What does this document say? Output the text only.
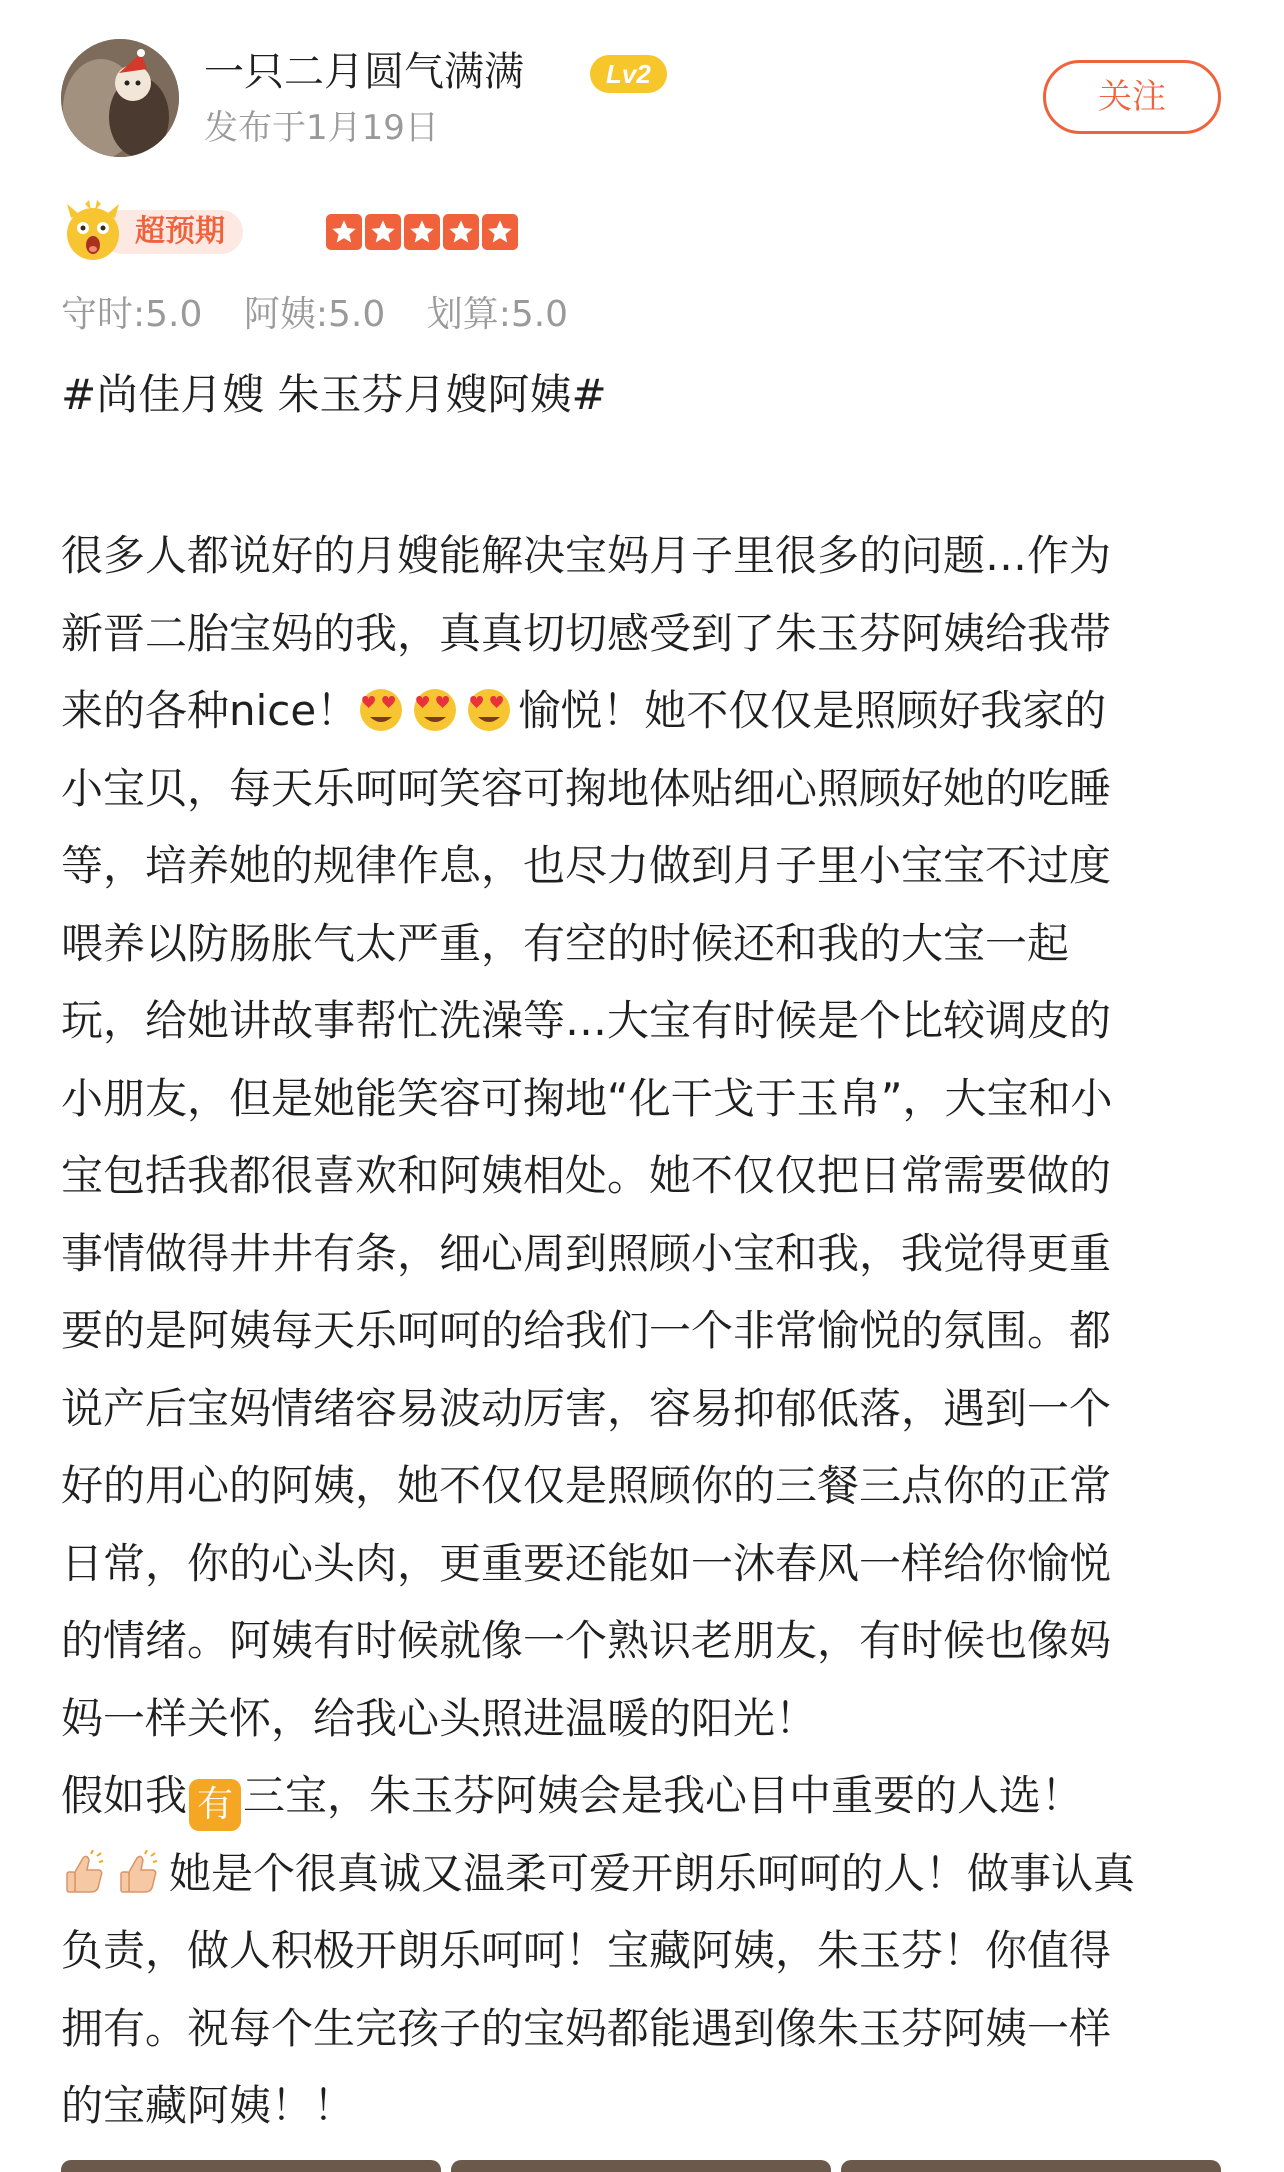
一只二月圆气满满	Lv2
发布于1月19日
关注
超预期
守时:5.0 阿姨:5.0 划算:5.0
#尚佳月嫂 朱玉芬月嫂阿姨#
很多人都说好的月嫂能解决宝妈月子里很多的问题…作为
新晋二胎宝妈的我，真真切切感受到了朱玉芬阿姨给我带
来的各种nice！	愉悦！她不仅仅是照顾好我家的
小宝贝，每天乐呵呵笑容可掬地体贴细心照顾好她的吃睡
等，培养她的规律作息，也尽力做到月子里小宝宝不过度
喂养以防肠胀气太严重，有空的时候还和我的大宝一起
玩，给她讲故事帮忙洗澡等…大宝有时候是个比较调皮的
小朋友，但是她能笑容可掬地“化干戈于玉帛”，大宝和小
宝包括我都很喜欢和阿姨相处。她不仅仅把日常需要做的
事情做得井井有条，细心周到照顾小宝和我，我觉得更重
要的是阿姨每天乐呵呵的给我们一个非常愉悦的氛围。都
说产后宝妈情绪容易波动厉害，容易抑郁低落，遇到一个
好的用心的阿姨，她不仅仅是照顾你的三餐三点你的正常
日常，你的心头肉，更重要还能如一沐春风一样给你愉悦
的情绪。阿姨有时候就像一个熟识老朋友，有时候也像妈
妈一样关怀，给我心头照进温暖的阳光！
假如我 有 三宝，朱玉芬阿姨会是我心目中重要的人选！
她是个很真诚又温柔可爱开朗乐呵呵的人！做事认真
负责，做人积极开朗乐呵呵！宝藏阿姨，朱玉芬！你值得
拥有。祝每个生完孩子的宝妈都能遇到像朱玉芬阿姨一样
的宝藏阿姨！！
